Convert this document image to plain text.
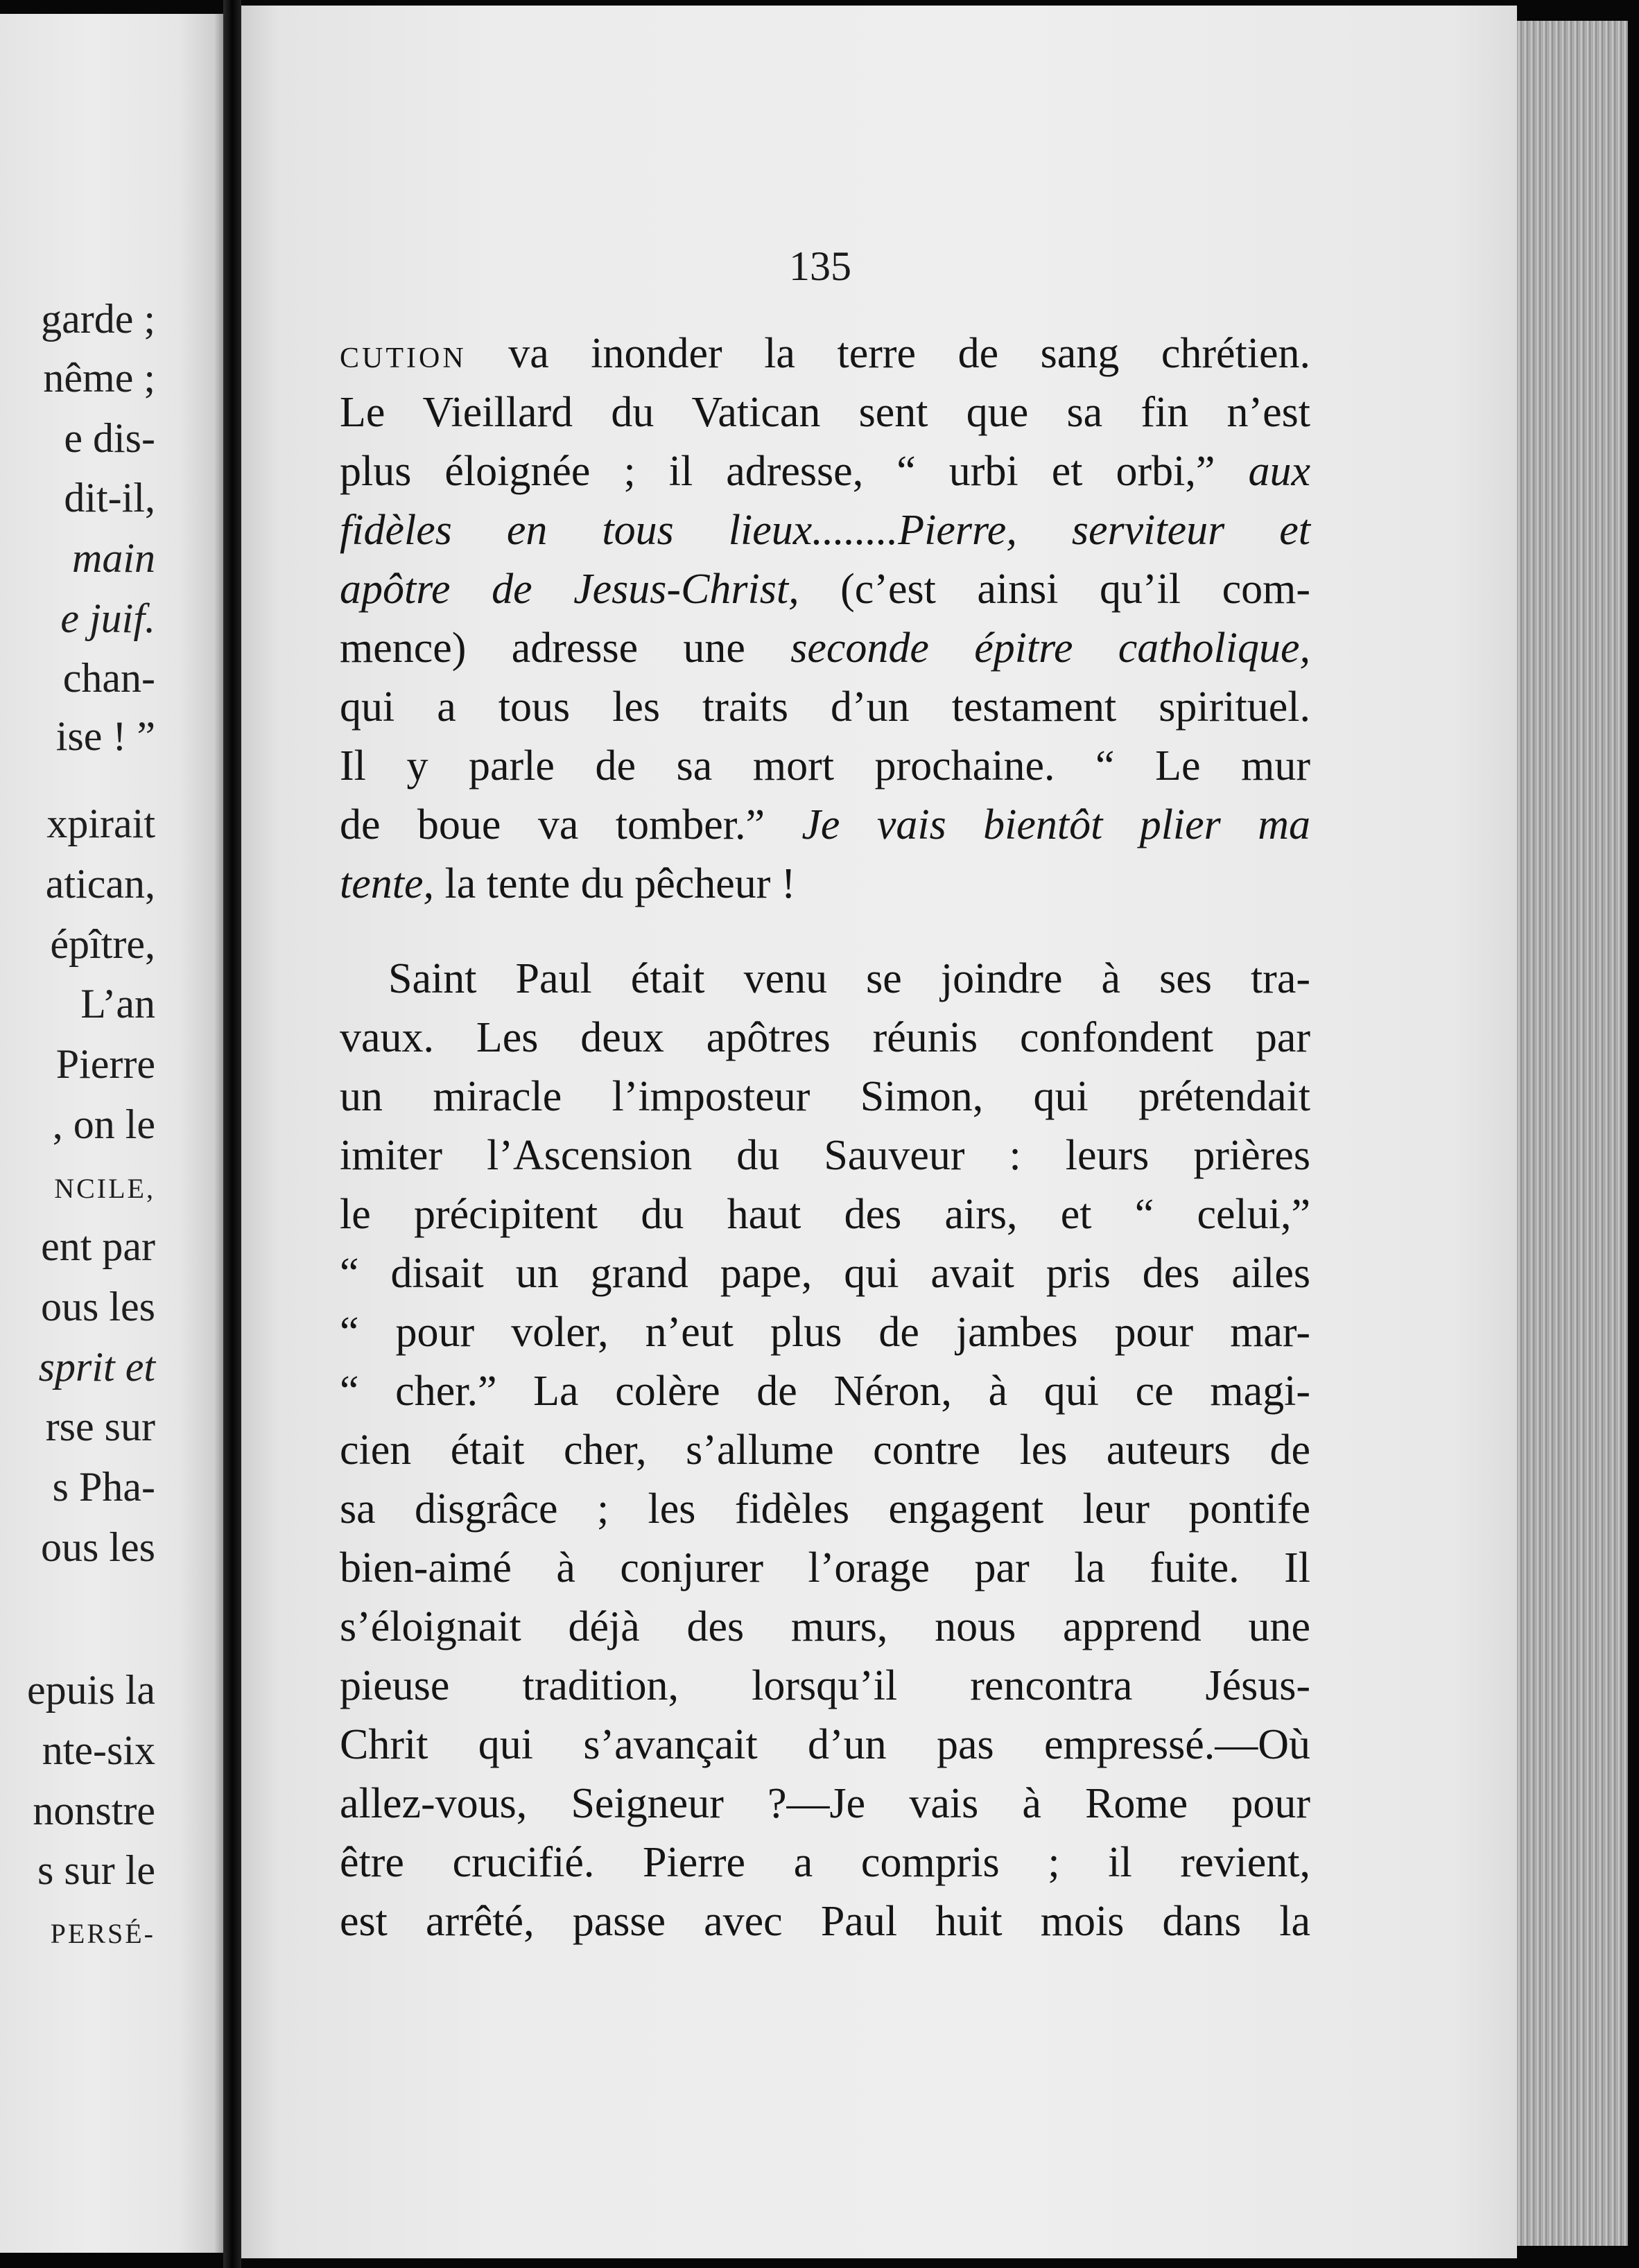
garde ;
nême ;
e dis-
dit-il,
main
e juif.
chan-
ise ! ”
xpirait
atican,
épître,
L’an
Pierre
, on le
NCILE,
ent par
ous les
sprit et
rse sur
s Pha-
ous les
epuis la
nte-six
nonstre
s sur le
PERSÉ-
135
CUTION va inonder la terre de sang chrétien.
Le Vieillard du Vatican sent que sa fin n’est
plus éloignée ; il adresse, “ urbi et orbi,” aux
fidèles en tous lieux........Pierre, serviteur et
apôtre de Jesus-Christ, (c’est ainsi qu’il com-
mence) adresse une seconde épitre catholique,
qui a tous les traits d’un testament spirituel.
Il y parle de sa mort prochaine. “ Le mur
de boue va tomber.” Je vais bientôt plier ma
tente, la tente du pêcheur !
Saint Paul était venu se joindre à ses tra-
vaux. Les deux apôtres réunis confondent par
un miracle l’imposteur Simon, qui prétendait
imiter l’Ascension du Sauveur : leurs prières
le précipitent du haut des airs, et “ celui,”
“ disait un grand pape, qui avait pris des ailes
“ pour voler, n’eut plus de jambes pour mar-
“ cher.” La colère de Néron, à qui ce magi-
cien était cher, s’allume contre les auteurs de
sa disgrâce ; les fidèles engagent leur pontife
bien-aimé à conjurer l’orage par la fuite. Il
s’éloignait déjà des murs, nous apprend une
pieuse tradition, lorsqu’il rencontra Jésus-
Chrit qui s’avançait d’un pas empressé.—Où
allez-vous, Seigneur ?—Je vais à Rome pour
être crucifié. Pierre a compris ; il revient,
est arrêté, passe avec Paul huit mois dans la
